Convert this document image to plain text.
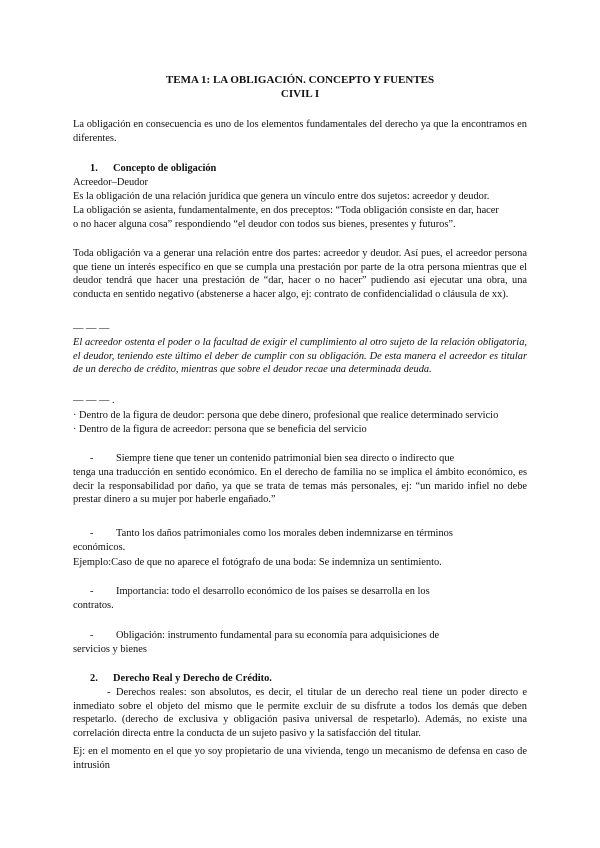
TEMA 1: LA OBLIGACIÓN. CONCEPTO Y FUENTES

CIVIL I

La obligación en consecuencia es uno de los elementos fundamentales del derecho ya que la encontramos en diferentes.

1. Concepto de obligación

Acreedor–Deudor

Es la obligación de una relación jurídica que genera un vínculo entre dos sujetos: acreedor y deudor.

La obligación se asienta, fundamentalmente, en dos preceptos: “Toda obligación consiste en dar, hacer

o no hacer alguna cosa” respondiendo “el deudor con todos sus bienes, presentes y futuros”.

Toda obligación va a generar una relación entre dos partes: acreedor y deudor. Así pues, el acreedor persona que tiene un interés específico en que se cumpla una prestación por parte de la otra persona mientras que el deudor tendrá que hacer una prestación de “dar, hacer o no hacer” pudiendo así ejecutar una obra, una conducta en sentido negativo (abstenerse a hacer algo, ej: contrato de confidencialidad o cláusula de xx).

— — —

El acreedor ostenta el poder o la facultad de exigir el cumplimiento al otro sujeto de la relación obligatoria, el deudor, teniendo este último el deber de cumplir con su obligación. De esta manera el acreedor es titular de un derecho de crédito, mientras que sobre el deudor recae una determinada deuda.

— — — .

· Dentro de la figura de deudor: persona que debe dinero, profesional que realice determinado servicio

· Dentro de la figura de acreedor: persona que se beneficia del servicio

- Siempre tiene que tener un contenido patrimonial bien sea directo o indirecto que

tenga una traducción en sentido económico. En el derecho de familia no se implica el ámbito económico, es decir la responsabilidad por daño, ya que se trata de temas más personales, ej: “un marido infiel no debe prestar dinero a su mujer por haberle engañado.”

- Tanto los daños patrimoniales como los morales deben indemnizarse en términos

económicos.

Ejemplo:Caso de que no aparece el fotógrafo de una boda: Se indemniza un sentimiento.

- Importancia: todo el desarrollo económico de los países se desarrolla en los

contratos.

- Obligación: instrumento fundamental para su economía para adquisiciones de

servicios y bienes

2. Derecho Real y Derecho de Crédito.

- Derechos reales: son absolutos, es decir, el titular de un derecho real tiene un poder directo e inmediato sobre el objeto del mismo que le permite excluir de su disfrute a todos los demás que deben respetarlo. (derecho de exclusiva y obligación pasiva universal de respetarlo). Además, no existe una correlación directa entre la conducta de un sujeto pasivo y la satisfacción del titular.

Ej: en el momento en el que yo soy propietario de una vivienda, tengo un mecanismo de defensa en caso de intrusión
